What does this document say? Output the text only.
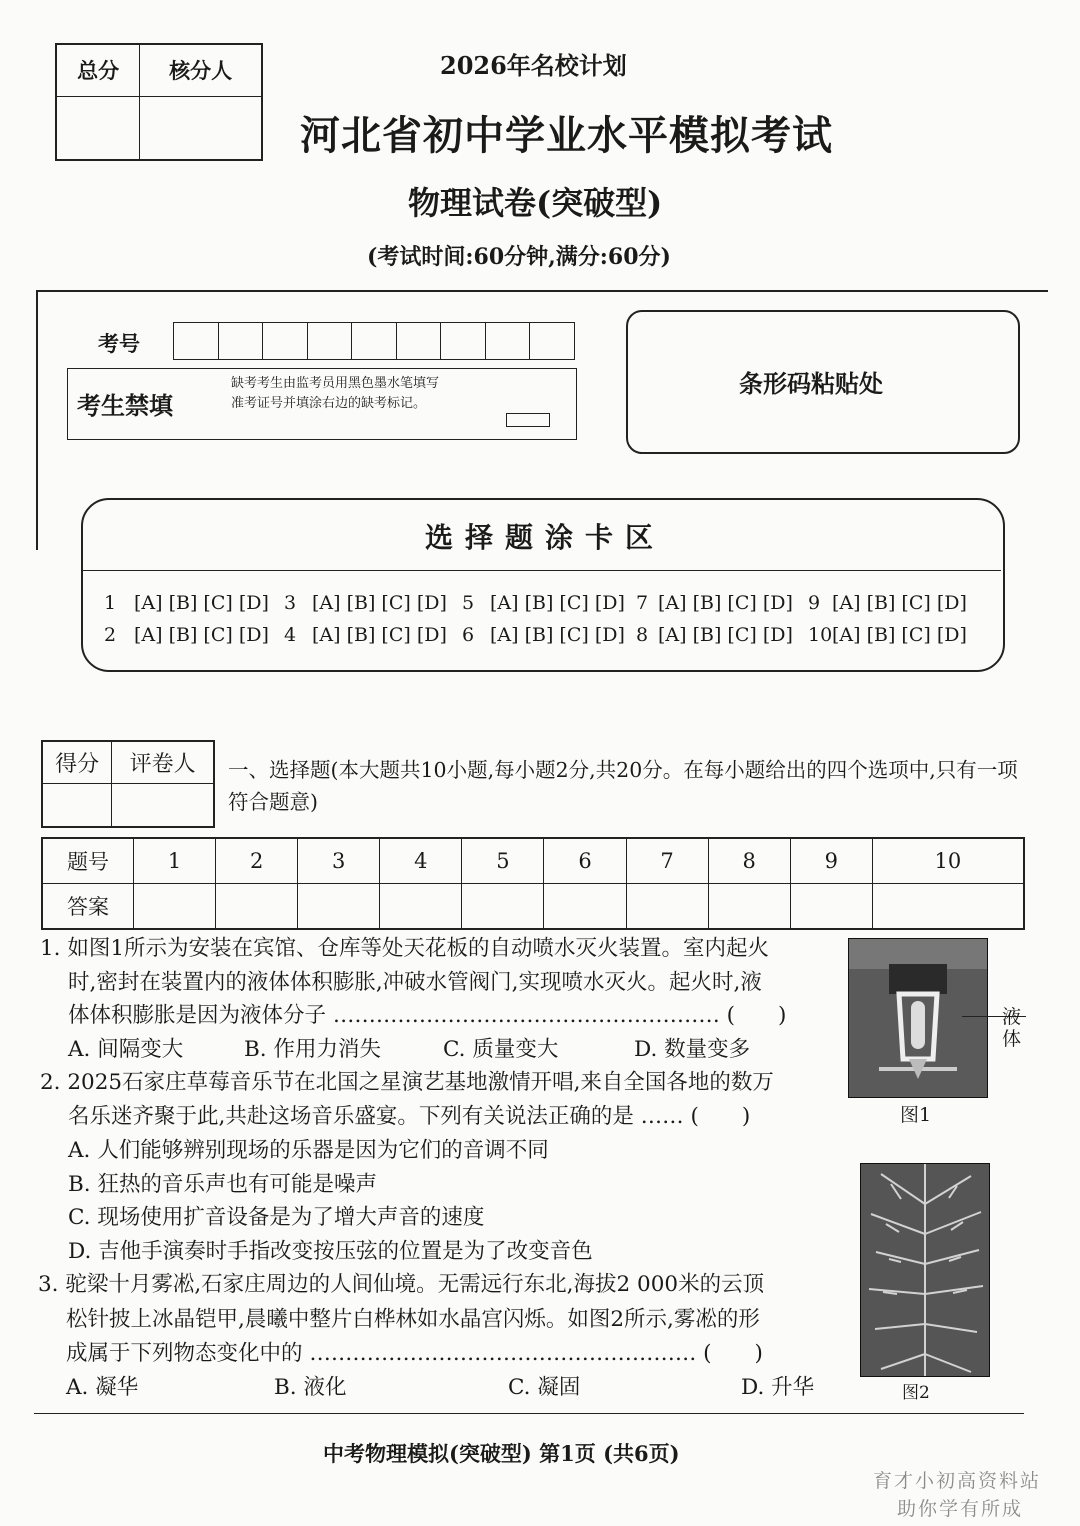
总分	核分人
		2026年名校计划
河北省初中学业水平模拟考试
物理试卷(突破型)
(考试时间:60分钟,满分:60分)
考号
考生禁填
缺考考生由监考员用黑色墨水笔填写准考证号并填涂右边的缺考标记。
条形码粘贴处
选择题涂卡区
1 [A] [B] [C] [D] 3 [A] [B] [C] [D] 5 [A] [B] [C] [D] 7 [A] [B] [C] [D] 9 [A] [B] [C] [D]
2 [A] [B] [C] [D] 4 [A] [B] [C] [D] 6 [A] [B] [C] [D] 8 [A] [B] [C] [D] 10 [A] [B] [C] [D]
得分	评卷人
	一、选择题(本大题共10小题,每小题2分,共20分。在每小题给出的四个选项中,只有一项符合题意)
题号	1	2	3	4	5	6	7	8	9	10
答案										
1. 如图1所示为安装在宾馆、仓库等处天花板的自动喷水灭火装置。室内起火
时,密封在装置内的液体体积膨胀,冲破水管阀门,实现喷水灭火。起火时,液
体体积膨胀是因为液体分子 ……………………………………………… (　　)
A. 间隔变大	B. 作用力消失	C. 质量变大	D. 数量变多
液体
图1
2. 2025石家庄草莓音乐节在北国之星演艺基地激情开唱,来自全国各地的数万
名乐迷齐聚于此,共赴这场音乐盛宴。下列有关说法正确的是 …… (　　)
A. 人们能够辨别现场的乐器是因为它们的音调不同
B. 狂热的音乐声也有可能是噪声
C. 现场使用扩音设备是为了增大声音的速度
D. 吉他手演奏时手指改变按压弦的位置是为了改变音色
图2
3. 驼梁十月雾凇,石家庄周边的人间仙境。无需远行东北,海拔2 000米的云顶
松针披上冰晶铠甲,晨曦中整片白桦林如水晶宫闪烁。如图2所示,雾凇的形
成属于下列物态变化中的 ……………………………………………… (　　)
A. 凝华	B. 液化	C. 凝固	D. 升华
中考物理模拟(突破型) 第1页 (共6页)
育才小初高资料站
助你学有所成
